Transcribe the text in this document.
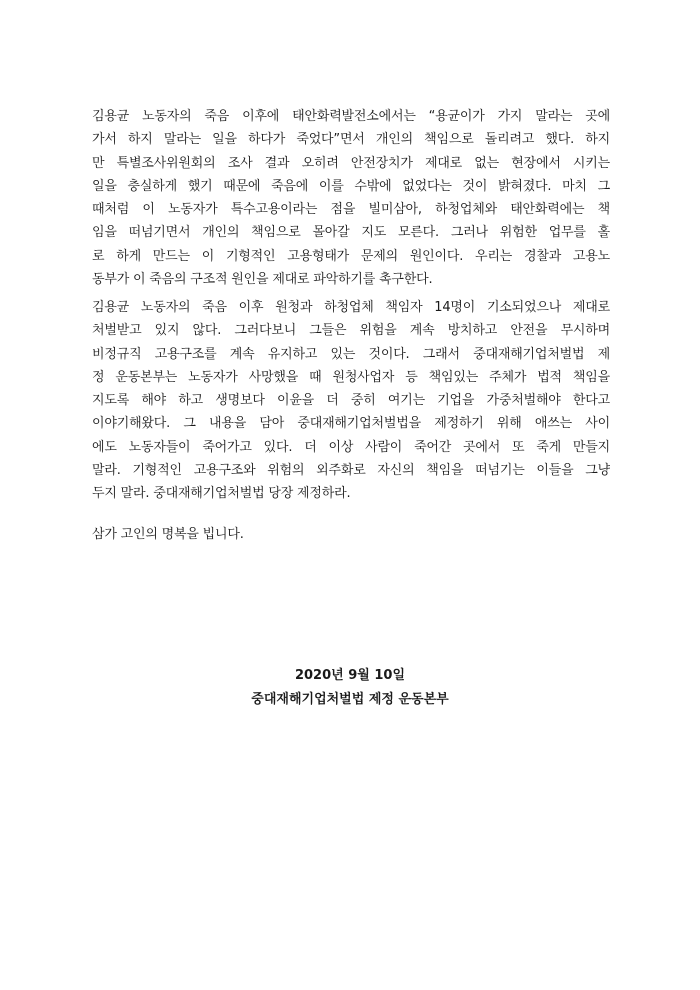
김용균 노동자의 죽음 이후에 태안화력발전소에서는 “용균이가 가지 말라는 곳에
가서 하지 말라는 일을 하다가 죽었다”면서 개인의 책임으로 돌리려고 했다. 하지
만 특별조사위원회의 조사 결과 오히려 안전장치가 제대로 없는 현장에서 시키는
일을 충실하게 했기 때문에 죽음에 이를 수밖에 없었다는 것이 밝혀졌다. 마치 그
때처럼 이 노동자가 특수고용이라는 점을 빌미삼아, 하청업체와 태안화력에는 책
임을 떠넘기면서 개인의 책임으로 몰아갈 지도 모른다. 그러나 위험한 업무를 홀
로 하게 만드는 이 기형적인 고용형태가 문제의 원인이다. 우리는 경찰과 고용노
동부가 이 죽음의 구조적 원인을 제대로 파악하기를 촉구한다.
김용균 노동자의 죽음 이후 원청과 하청업체 책임자 14명이 기소되었으나 제대로
처벌받고 있지 않다. 그러다보니 그들은 위험을 계속 방치하고 안전을 무시하며
비정규직 고용구조를 계속 유지하고 있는 것이다. 그래서 중대재해기업처벌법 제
정 운동본부는 노동자가 사망했을 때 원청사업자 등 책임있는 주체가 법적 책임을
지도록 해야 하고 생명보다 이윤을 더 중히 여기는 기업을 가중처벌해야 한다고
이야기해왔다. 그 내용을 담아 중대재해기업처벌법을 제정하기 위해 애쓰는 사이
에도 노동자들이 죽어가고 있다. 더 이상 사람이 죽어간 곳에서 또 죽게 만들지
말라. 기형적인 고용구조와 위험의 외주화로 자신의 책임을 떠넘기는 이들을 그냥
두지 말라. 중대재해기업처벌법 당장 제정하라.
삼가 고인의 명복을 빕니다.
2020년 9월 10일
중대재해기업처벌법 제정 운동본부
